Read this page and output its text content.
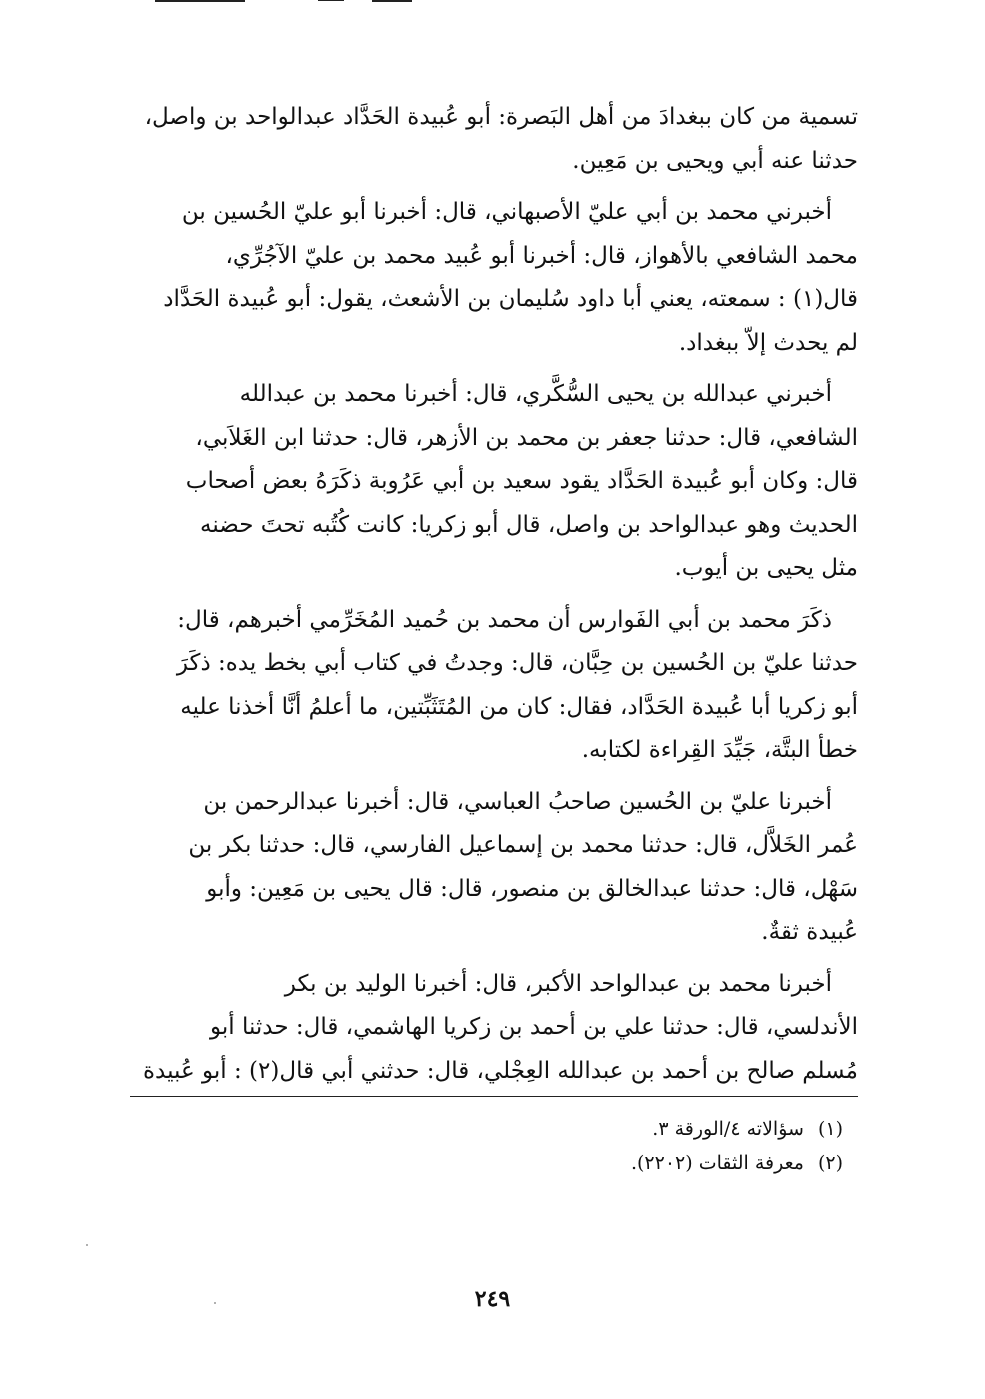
تسمية من كان ببغدادَ من أهل البَصرة: أبو عُبيدة الحَدَّاد عبدالواحد بن واصل،
حدثنا عنه أبي ويحيى بن مَعِين.
أخبرني محمد بن أبي عليّ الأصبهاني، قال: أخبرنا أبو عليّ الحُسين بن
محمد الشافعي بالأهواز، قال: أخبرنا أبو عُبيد محمد بن عليّ الآجُرِّي،
قال(١) : سمعته، يعني أبا داود سُليمان بن الأشعث، يقول: أبو عُبيدة الحَدَّاد
لم يحدث إلاّ ببغداد.
أخبرني عبدالله بن يحيى السُّكَّري، قال: أخبرنا محمد بن عبدالله
الشافعي، قال: حدثنا جعفر بن محمد بن الأزهر، قال: حدثنا ابن الغَلاَبي،
قال: وكان أبو عُبيدة الحَدَّاد يقود سعيد بن أبي عَرُوبة ذكَرَهُ بعض أصحاب
الحديث وهو عبدالواحد بن واصل، قال أبو زكريا: كانت كُتُبه تحتَ حضنه
مثل يحيى بن أيوب.
ذكَرَ محمد بن أبي الفَوارس أن محمد بن حُميد المُخَرِّمي أخبرهم، قال:
حدثنا عليّ بن الحُسين بن حِبَّان، قال: وجدتُ في كتاب أبي بخط يده: ذكَرَ
أبو زكريا أبا عُبيدة الحَدَّاد، فقال: كان من المُتَثَبِّتين، ما أعلمُ أنَّا أخذنا عليه
خطأ البتَّة، جَيِّدَ القِراءة لكتابه.
أخبرنا عليّ بن الحُسين صاحبُ العباسي، قال: أخبرنا عبدالرحمن بن
عُمر الخَلاَّل، قال: حدثنا محمد بن إسماعيل الفارسي، قال: حدثنا بكر بن
سَهْل، قال: حدثنا عبدالخالق بن منصور، قال: قال يحيى بن مَعِين: وأبو
عُبيدة ثقةٌ.
أخبرنا محمد بن عبدالواحد الأكبر، قال: أخبرنا الوليد بن بكر
الأندلسي، قال: حدثنا علي بن أحمد بن زكريا الهاشمي، قال: حدثنا أبو
مُسلم صالح بن أحمد بن عبدالله العِجْلي، قال: حدثني أبي قال(٢) : أبو عُبيدة
(١)سؤالاته ٤/الورقة ٣.
(٢)معرفة الثقات (٢٢٠٢).
٢٤٩
